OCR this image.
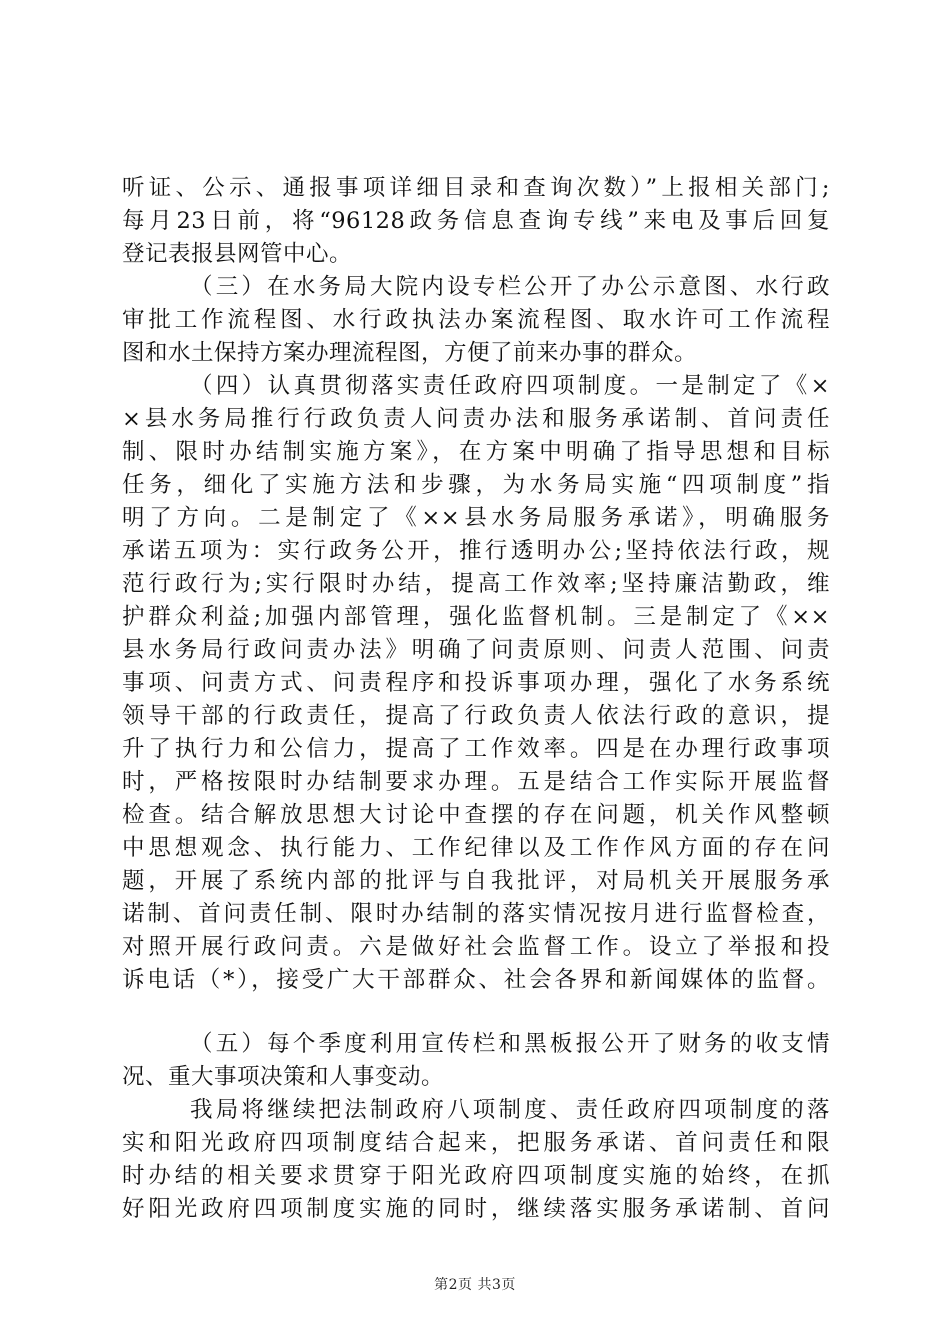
听证、公示、通报事项详细目录和查询次数）”上报相关部门;
每月23日前，将“96128政务信息查询专线”来电及事后回复
登记表报县网管中心。
（三）在水务局大院内设专栏公开了办公示意图、水行政
审批工作流程图、水行政执法办案流程图、取水许可工作流程
图和水土保持方案办理流程图，方便了前来办事的群众。
（四）认真贯彻落实责任政府四项制度。一是制定了《×
×县水务局推行行政负责人问责办法和服务承诺制、首问责任
制、限时办结制实施方案》，在方案中明确了指导思想和目标
任务，细化了实施方法和步骤，为水务局实施“四项制度”指
明了方向。二是制定了《××县水务局服务承诺》，明确服务
承诺五项为：实行政务公开，推行透明办公;坚持依法行政，规
范行政行为;实行限时办结，提高工作效率;坚持廉洁勤政，维
护群众利益;加强内部管理，强化监督机制。三是制定了《××
县水务局行政问责办法》明确了问责原则、问责人范围、问责
事项、问责方式、问责程序和投诉事项办理，强化了水务系统
领导干部的行政责任，提高了行政负责人依法行政的意识，提
升了执行力和公信力，提高了工作效率。四是在办理行政事项
时，严格按限时办结制要求办理。五是结合工作实际开展监督
检查。结合解放思想大讨论中查摆的存在问题，机关作风整顿
中思想观念、执行能力、工作纪律以及工作作风方面的存在问
题，开展了系统内部的批评与自我批评，对局机关开展服务承
诺制、首问责任制、限时办结制的落实情况按月进行监督检查，
对照开展行政问责。六是做好社会监督工作。设立了举报和投
诉电话（*），接受广大干部群众、社会各界和新闻媒体的监督。
（五）每个季度利用宣传栏和黑板报公开了财务的收支情
况、重大事项决策和人事变动。
我局将继续把法制政府八项制度、责任政府四项制度的落
实和阳光政府四项制度结合起来，把服务承诺、首问责任和限
时办结的相关要求贯穿于阳光政府四项制度实施的始终，在抓
好阳光政府四项制度实施的同时，继续落实服务承诺制、首问
第2页 共3页
